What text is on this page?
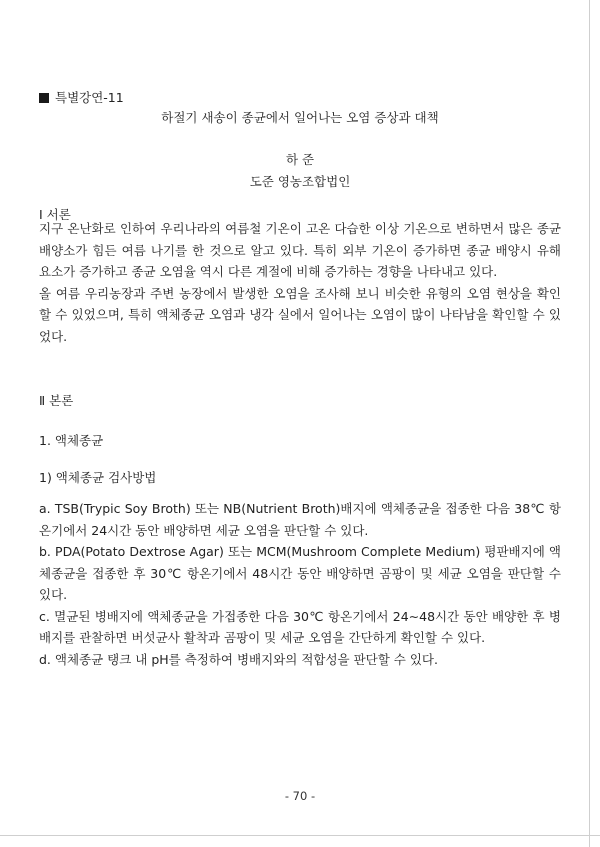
특별강연-11
하절기 새송이 종균에서 일어나는 오염 증상과 대책
하 준
도준 영농조합법인
Ⅰ 서론

지구 온난화로 인하여 우리나라의 여름철 기온이 고온 다습한 이상 기온으로 변하면서 많은 종균 배양소가 힘든 여름 나기를 한 것으로 알고 있다. 특히 외부 기온이 증가하면 종균 배양시 유해 요소가 증가하고 종균 오염율 역시 다른 계절에 비해 증가하는 경향을 나타내고 있다.

올 여름 우리농장과 주변 농장에서 발생한 오염을 조사해 보니 비슷한 유형의 오염 현상을 확인 할 수 있었으며, 특히 액체종균 오염과 냉각 실에서 일어나는 오염이 많이 나타남을 확인할 수 있었다.

Ⅱ 본론
1. 액체종균
1) 액체종균 검사방법

a. TSB(Trypic Soy Broth) 또는 NB(Nutrient Broth)배지에 액체종균을 접종한 다음 38℃ 항온기에서 24시간 동안 배양하면 세균 오염을 판단할 수 있다.

b. PDA(Potato Dextrose Agar) 또는 MCM(Mushroom Complete Medium) 평판배지에 액체종균을 접종한 후 30℃ 항온기에서 48시간 동안 배양하면 곰팡이 및 세균 오염을 판단할 수 있다.

c. 멸균된 병배지에 액체종균을 가접종한 다음 30℃ 항온기에서 24∼48시간 동안 배양한 후 병배지를 관찰하면 버섯균사 활착과 곰팡이 및 세균 오염을 간단하게 확인할 수 있다.

d. 액체종균 탱크 내 pH를 측정하여 병배지와의 적합성을 판단할 수 있다.

- 70 -
